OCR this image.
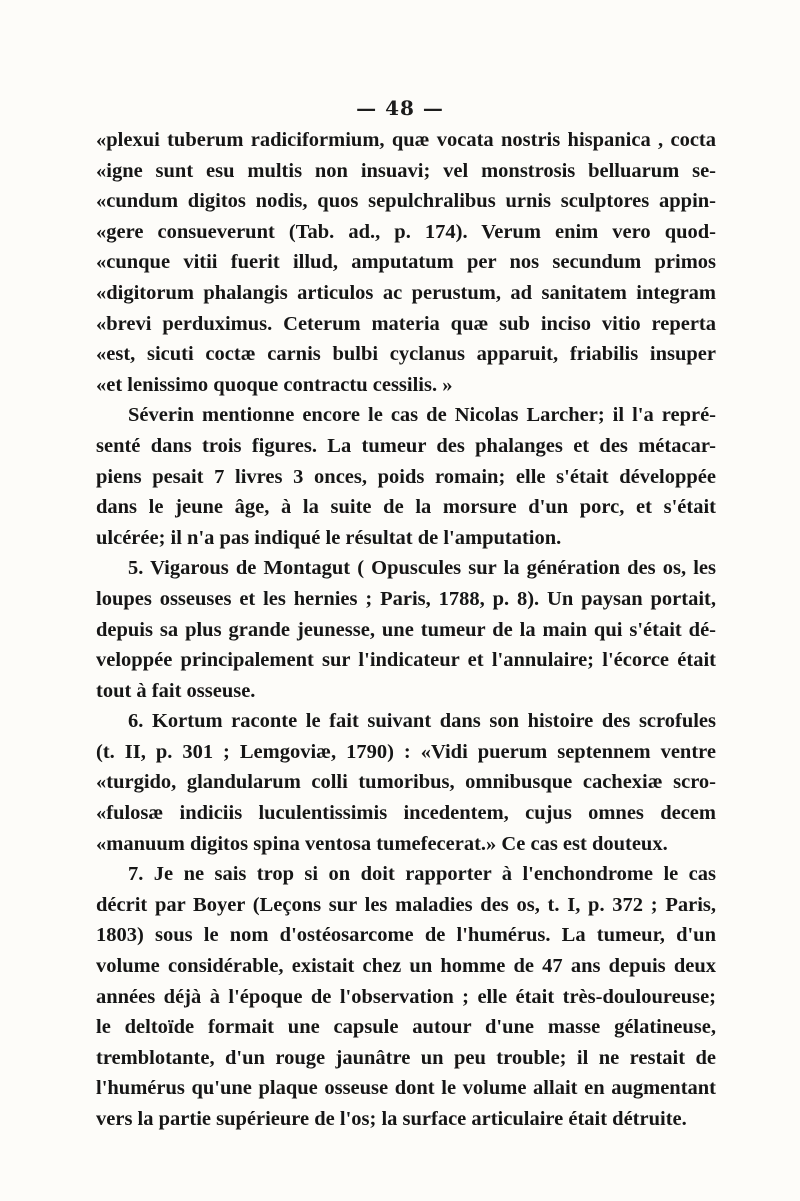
— 48 —
«plexui tuberum radiciformium, quæ vocata nostris hispanica , cocta
«igne sunt esu multis non insuavi; vel monstrosis belluarum se-
«cundum digitos nodis, quos sepulchralibus urnis sculptores appin-
«gere consueverunt (Tab. ad., p. 174). Verum enim vero quod-
«cunque vitii fuerit illud, amputatum per nos secundum primos
«digitorum phalangis articulos ac perustum, ad sanitatem integram
«brevi perduximus. Ceterum materia quæ sub inciso vitio reperta
«est, sicuti coctæ carnis bulbi cyclanus apparuit, friabilis insuper
«et lenissimo quoque contractu cessilis. »
Séverin mentionne encore le cas de Nicolas Larcher; il l'a repré-
senté dans trois figures. La tumeur des phalanges et des métacar-
piens pesait 7 livres 3 onces, poids romain; elle s'était développée
dans le jeune âge, à la suite de la morsure d'un porc, et s'était
ulcérée; il n'a pas indiqué le résultat de l'amputation.
5. Vigarous de Montagut ( Opuscules sur la génération des os, les
loupes osseuses et les hernies ; Paris, 1788, p. 8). Un paysan portait,
depuis sa plus grande jeunesse, une tumeur de la main qui s'était dé-
veloppée principalement sur l'indicateur et l'annulaire; l'écorce était
tout à fait osseuse.
6. Kortum raconte le fait suivant dans son histoire des scrofules
(t. II, p. 301 ; Lemgoviæ, 1790) : «Vidi puerum septennem ventre
«turgido, glandularum colli tumoribus, omnibusque cachexiæ scro-
«fulosæ indiciis luculentissimis incedentem, cujus omnes decem
«manuum digitos spina ventosa tumefecerat.» Ce cas est douteux.
7. Je ne sais trop si on doit rapporter à l'enchondrome le cas
décrit par Boyer (Leçons sur les maladies des os, t. I, p. 372 ; Paris,
1803) sous le nom d'ostéosarcome de l'humérus. La tumeur, d'un
volume considérable, existait chez un homme de 47 ans depuis deux
années déjà à l'époque de l'observation ; elle était très-douloureuse;
le deltoïde formait une capsule autour d'une masse gélatineuse,
tremblotante, d'un rouge jaunâtre un peu trouble; il ne restait de
l'humérus qu'une plaque osseuse dont le volume allait en augmentant
vers la partie supérieure de l'os; la surface articulaire était détruite.
